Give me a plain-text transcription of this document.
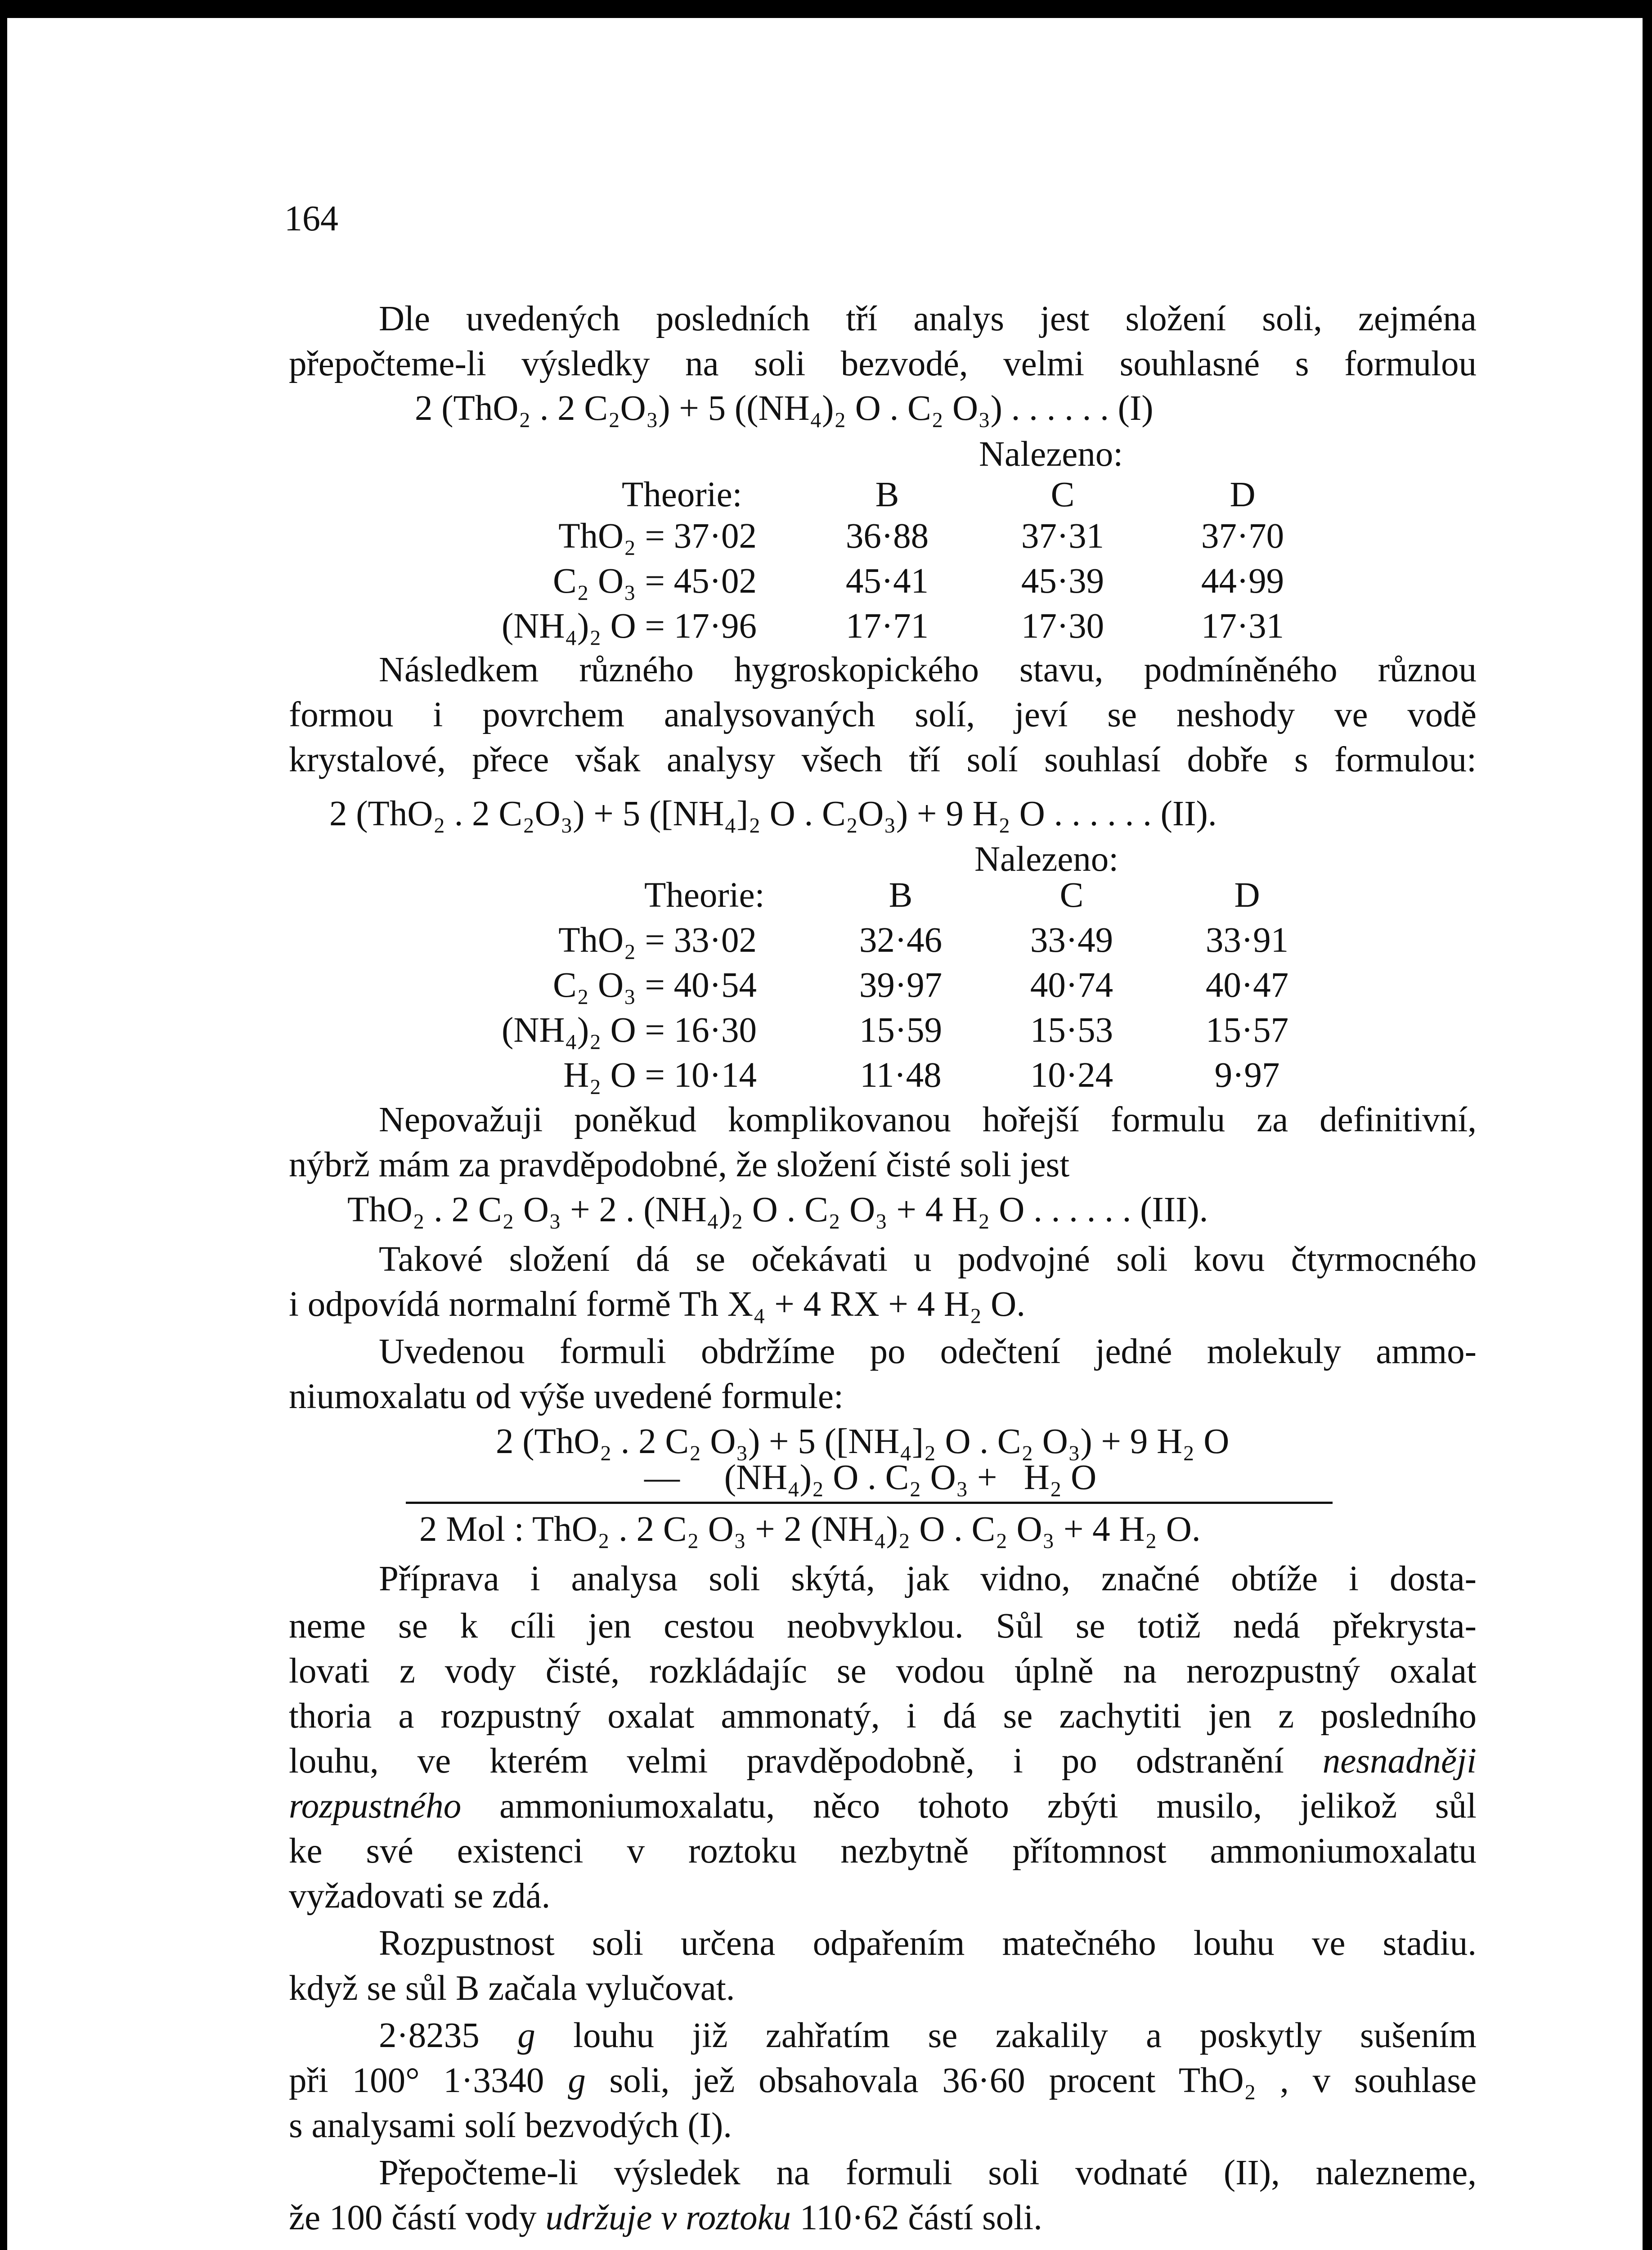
164
Dle uvedených posledních tří analys jest složení soli, zejména
přepočteme-li výsledky na soli bezvodé, velmi souhlasné s formulou
2 (ThO₂ . 2 C₂O₃) + 5 ((NH₄)₂ O . C₂ O₃) . . . . . . (I)
Nalezeno:
Theorie:	B	C	D
ThO₂ = 37·02	36·88	37·31	37·70
C₂ O₃ = 45·02	45·41	45·39	44·99
(NH₄)₂ O = 17·96	17·71	17·30	17·31
Následkem různého hygroskopického stavu, podmíněného různou
formou i povrchem analysovaných solí, jeví se neshody ve vodě
krystalové, přece však analysy všech tří solí souhlasí dobře s formulou:
2 (ThO₂ . 2 C₂O₃) + 5 ([NH₄]₂ O . C₂O₃) + 9 H₂ O . . . . . . (II).
Nalezeno:
Theorie:	B	C	D
ThO₂ = 33·02	32·46	33·49	33·91
C₂ O₃ = 40·54	39·97	40·74	40·47
(NH₄)₂ O = 16·30	15·59	15·53	15·57
H₂ O = 10·14	11·48	10·24	9·97
Nepovažuji poněkud komplikovanou hořejší formulu za definitivní,
nýbrž mám za pravděpodobné, že složení čisté soli jest
ThO₂ . 2 C₂ O₃ + 2 . (NH₄)₂ O . C₂ O₃ + 4 H₂ O . . . . . . (III).
Takové složení dá se očekávati u podvojné soli kovu čtyrmocného
i odpovídá normalní formě Th X₄ + 4 RX + 4 H₂ O.
Uvedenou formuli obdržíme po odečtení jedné molekuly ammo-
niumoxalatu od výše uvedené formule:
2 (ThO₂ . 2 C₂ O₃) + 5 ([NH₄]₂ O . C₂ O₃) + 9 H₂ O
—     (NH₄)₂ O . C₂ O₃ +   H₂ O
2 Mol : ThO₂ . 2 C₂ O₃ + 2 (NH₄)₂ O . C₂ O₃ + 4 H₂ O.
Příprava i analysa soli skýtá, jak vidno, značné obtíže i dosta-
neme se k cíli jen cestou neobvyklou. Sůl se totiž nedá překrysta-
lovati z vody čisté, rozkládajíc se vodou úplně na nerozpustný oxalat
thoria a rozpustný oxalat ammonatý, i dá se zachytiti jen z posledního
louhu, ve kterém velmi pravděpodobně, i po odstranění nesnadněji
rozpustného ammoniumoxalatu, něco tohoto zbýti musilo, jelikož sůl
ke své existenci v roztoku nezbytně přítomnost ammoniumoxalatu
vyžadovati se zdá.
Rozpustnost soli určena odpařením matečného louhu ve stadiu.
když se sůl B začala vylučovat.
2·8235 g louhu již zahřatím se zakalily a poskytly sušením
při 100° 1·3340 g soli, jež obsahovala 36·60 procent ThO₂ , v souhlase
s analysami solí bezvodých (I).
Přepočteme-li výsledek na formuli soli vodnaté (II), nalezneme,
že 100 částí vody udržuje v roztoku 110·62 částí soli.
